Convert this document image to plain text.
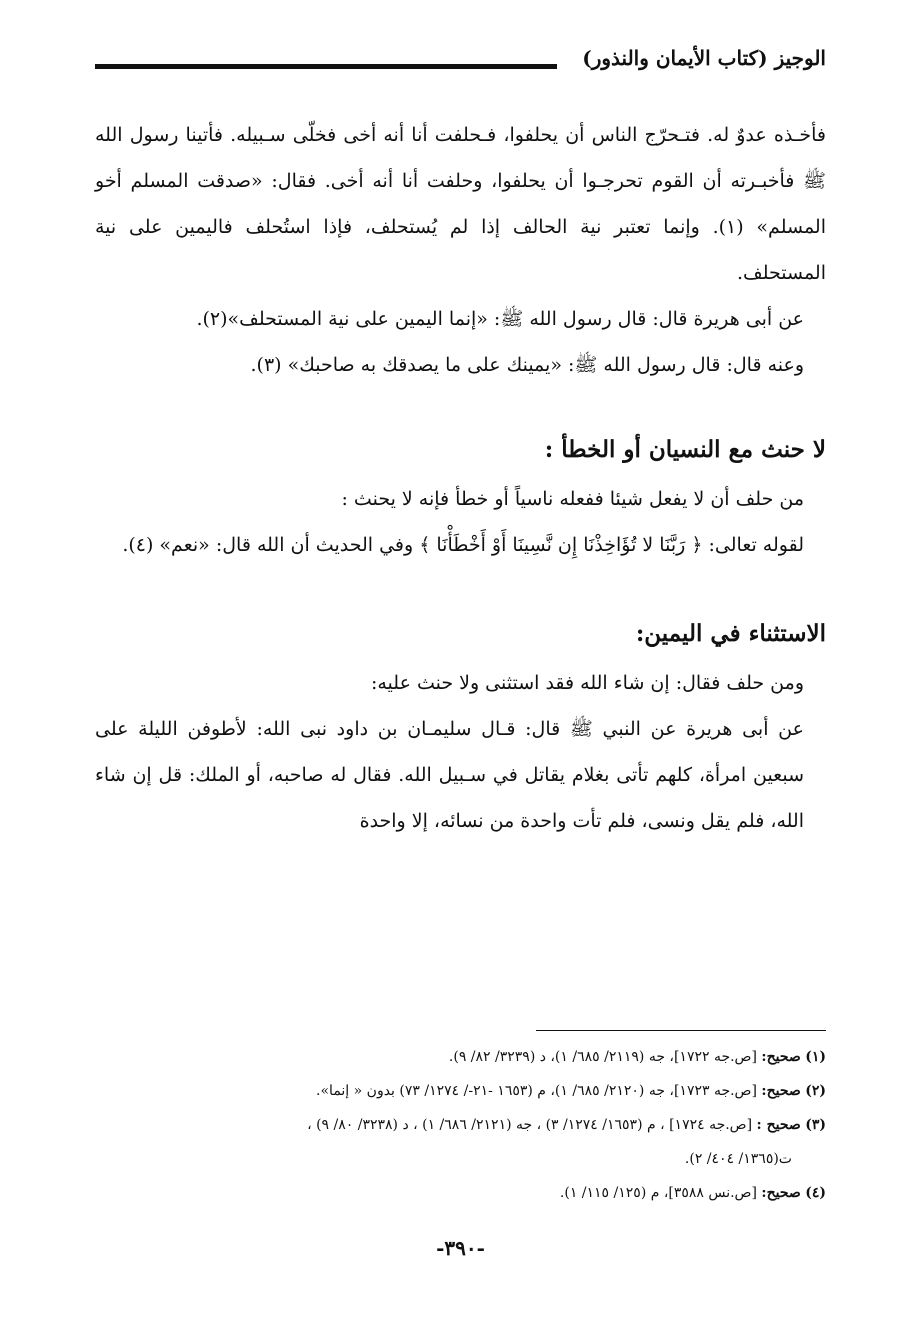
الوجيز (كتاب الأيمان والنذور)

فأخـذه عدوٌ له. فتـحرّج الناس أن يحلفوا، فـحلفت أنا أنه أخى فخلّى سـبيله. فأتينا رسول الله ﷺ فأخبـرته أن القوم تحرجـوا أن يحلفوا، وحلفت أنا أنه أخى. فقال: «صدقت المسلم أخو المسلم» (١). وإنما تعتبر نية الحالف إذا لم يُستحلف، فإذا استُحلف فاليمين على نية المستحلف.

عن أبى هريرة قال: قال رسول الله ﷺ: «إنما اليمين على نية المستحلف»(٢).

وعنه قال: قال رسول الله ﷺ: «يمينك على ما يصدقك به صاحبك» (٣).

لا حنث مع النسيان أو الخطأ :

من حلف أن لا يفعل شيئا ففعله ناسياً أو خطأ فإنه لا يحنث :

لقوله تعالى: ﴿ رَبَّنَا لا تُؤَاخِذْنَا إِن نَّسِينَا أَوْ أَخْطَأْنَا ﴾ وفي الحديث أن الله قال: «نعم» (٤).

الاستثناء في اليمين:

ومن حلف فقال: إن شاء الله فقد استثنى ولا حنث عليه:

عن أبى هريرة عن النبي ﷺ قال: قـال سليمـان بن داود نبى الله: لأطوفن الليلة على سبعين امرأة، كلهم تأتى بغلام يقاتل في سـبيل الله. فقال له صاحبه، أو الملك: قل إن شاء الله، فلم يقل ونسى، فلم تأت واحدة من نسائه، إلا واحدة

(١) صحيح: [ص.جه ١٧٢٢]، جه (٢١١٩/ ٦٨٥/ ١)، د (٣٢٣٩/ ٨٢/ ٩).

(٢) صحيح: [ص.جه ١٧٢٣]، جه (٢١٢٠/ ٦٨٥/ ١)، م (١٦٥٣ -٢١-/ ١٢٧٤/ ٧٣) بدون « إنما».

(٣) صحيح : [ص.جه ١٧٢٤] ، م (١٦٥٣/ ١٢٧٤/ ٣) ، جه (٢١٢١/ ٦٨٦/ ١) ، د (٣٢٣٨/ ٨٠/ ٩) ،

ت(١٣٦٥/ ٤٠٤/ ٢).

(٤) صحيح: [ص.نس ٣٥٨٨]، م (١٢٥/ ١١٥/ ١).

-٣٩٠-
